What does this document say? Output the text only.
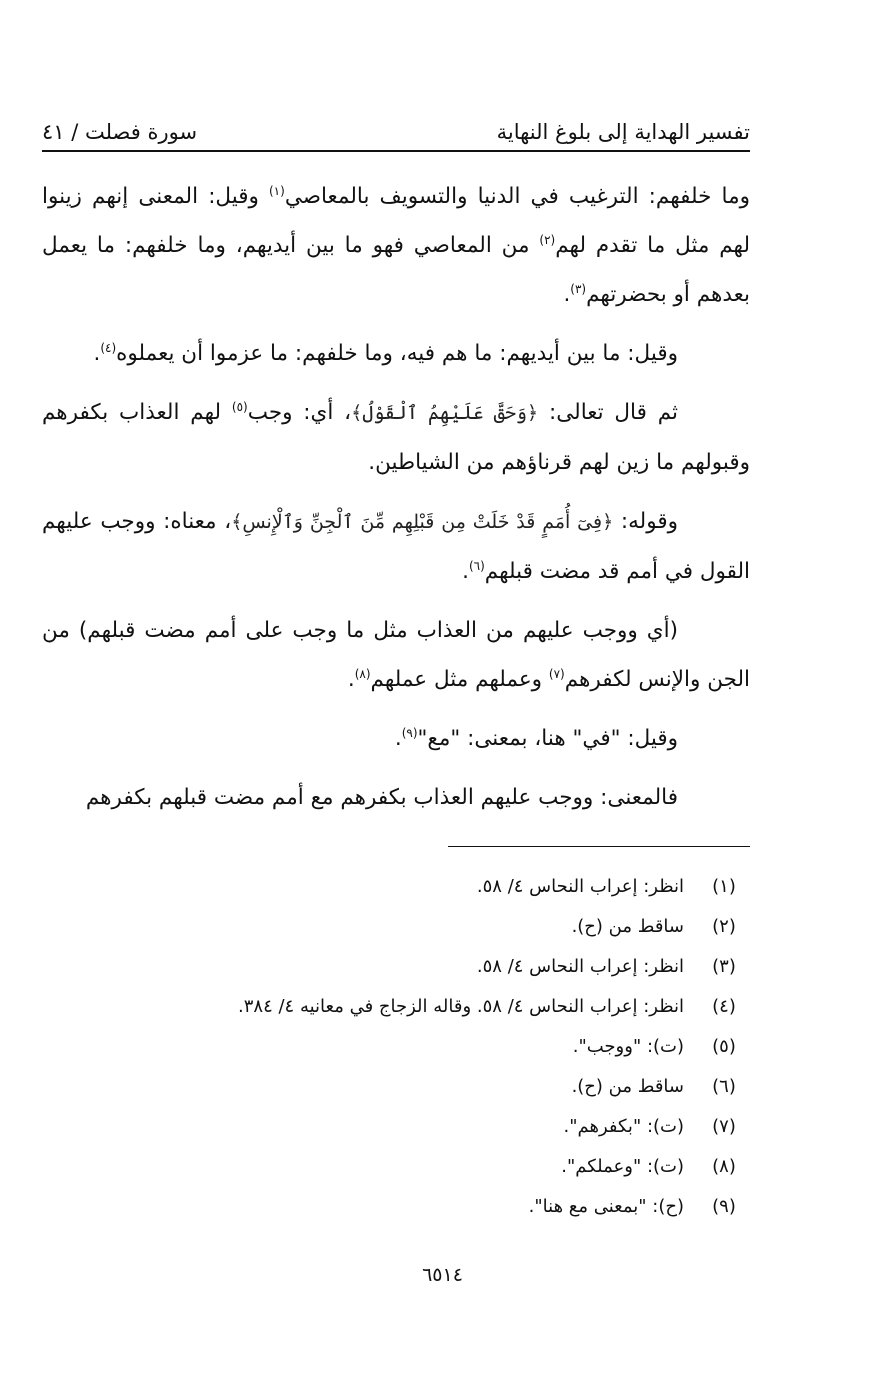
تفسير الهداية إلى بلوغ النهاية
سورة فصلت / ٤١

وما خلفهم: الترغيب في الدنيا والتسويف بالمعاصي$^{(١)}$ وقيل: المعنى إنهم زينوا لهم مثل ما تقدم لهم$^{(٢)}$ من المعاصي فهو ما بين أيديهم، وما خلفهم: ما يعمل بعدهم أو بحضرتهم$^{(٣)}$.

وقيل: ما بين أيديهم: ما هم فيه، وما خلفهم: ما عزموا أن يعملوه$^{(٤)}$.

ثم قال تعالى: ﴿وَحَقَّ عَلَيْهِمُ ٱلْقَوْلُ﴾، أي: وجب$^{(٥)}$ لهم العذاب بكفرهم وقبولهم ما زين لهم قرناؤهم من الشياطين.

وقوله: ﴿فِىٓ أُمَمٍ قَدْ خَلَتْ مِن قَبْلِهِم مِّنَ ٱلْجِنِّ وَٱلْإِنسِ﴾، معناه: ووجب عليهم القول في أمم قد مضت قبلهم$^{(٦)}$.

(أي ووجب عليهم من العذاب مثل ما وجب على أمم مضت قبلهم) من الجن والإنس لكفرهم$^{(٧)}$ وعملهم مثل عملهم$^{(٨)}$.

وقيل: "في" هنا، بمعنى: "مع"$^{(٩)}$.

فالمعنى: ووجب عليهم العذاب بكفرهم مع أمم مضت قبلهم بكفرهم

(١)
انظر: إعراب النحاس ٤/ ٥٨.
(٢)
ساقط من (ح).
(٣)
انظر: إعراب النحاس ٤/ ٥٨.
(٤)
انظر: إعراب النحاس ٤/ ٥٨. وقاله الزجاج في معانيه ٤/ ٣٨٤.
(٥)
(ت): "ووجب".
(٦)
ساقط من (ح).
(٧)
(ت): "بكفرهم".
(٨)
(ت): "وعملكم".
(٩)
(ح): "بمعنى مع هنا".
٦٥١٤
